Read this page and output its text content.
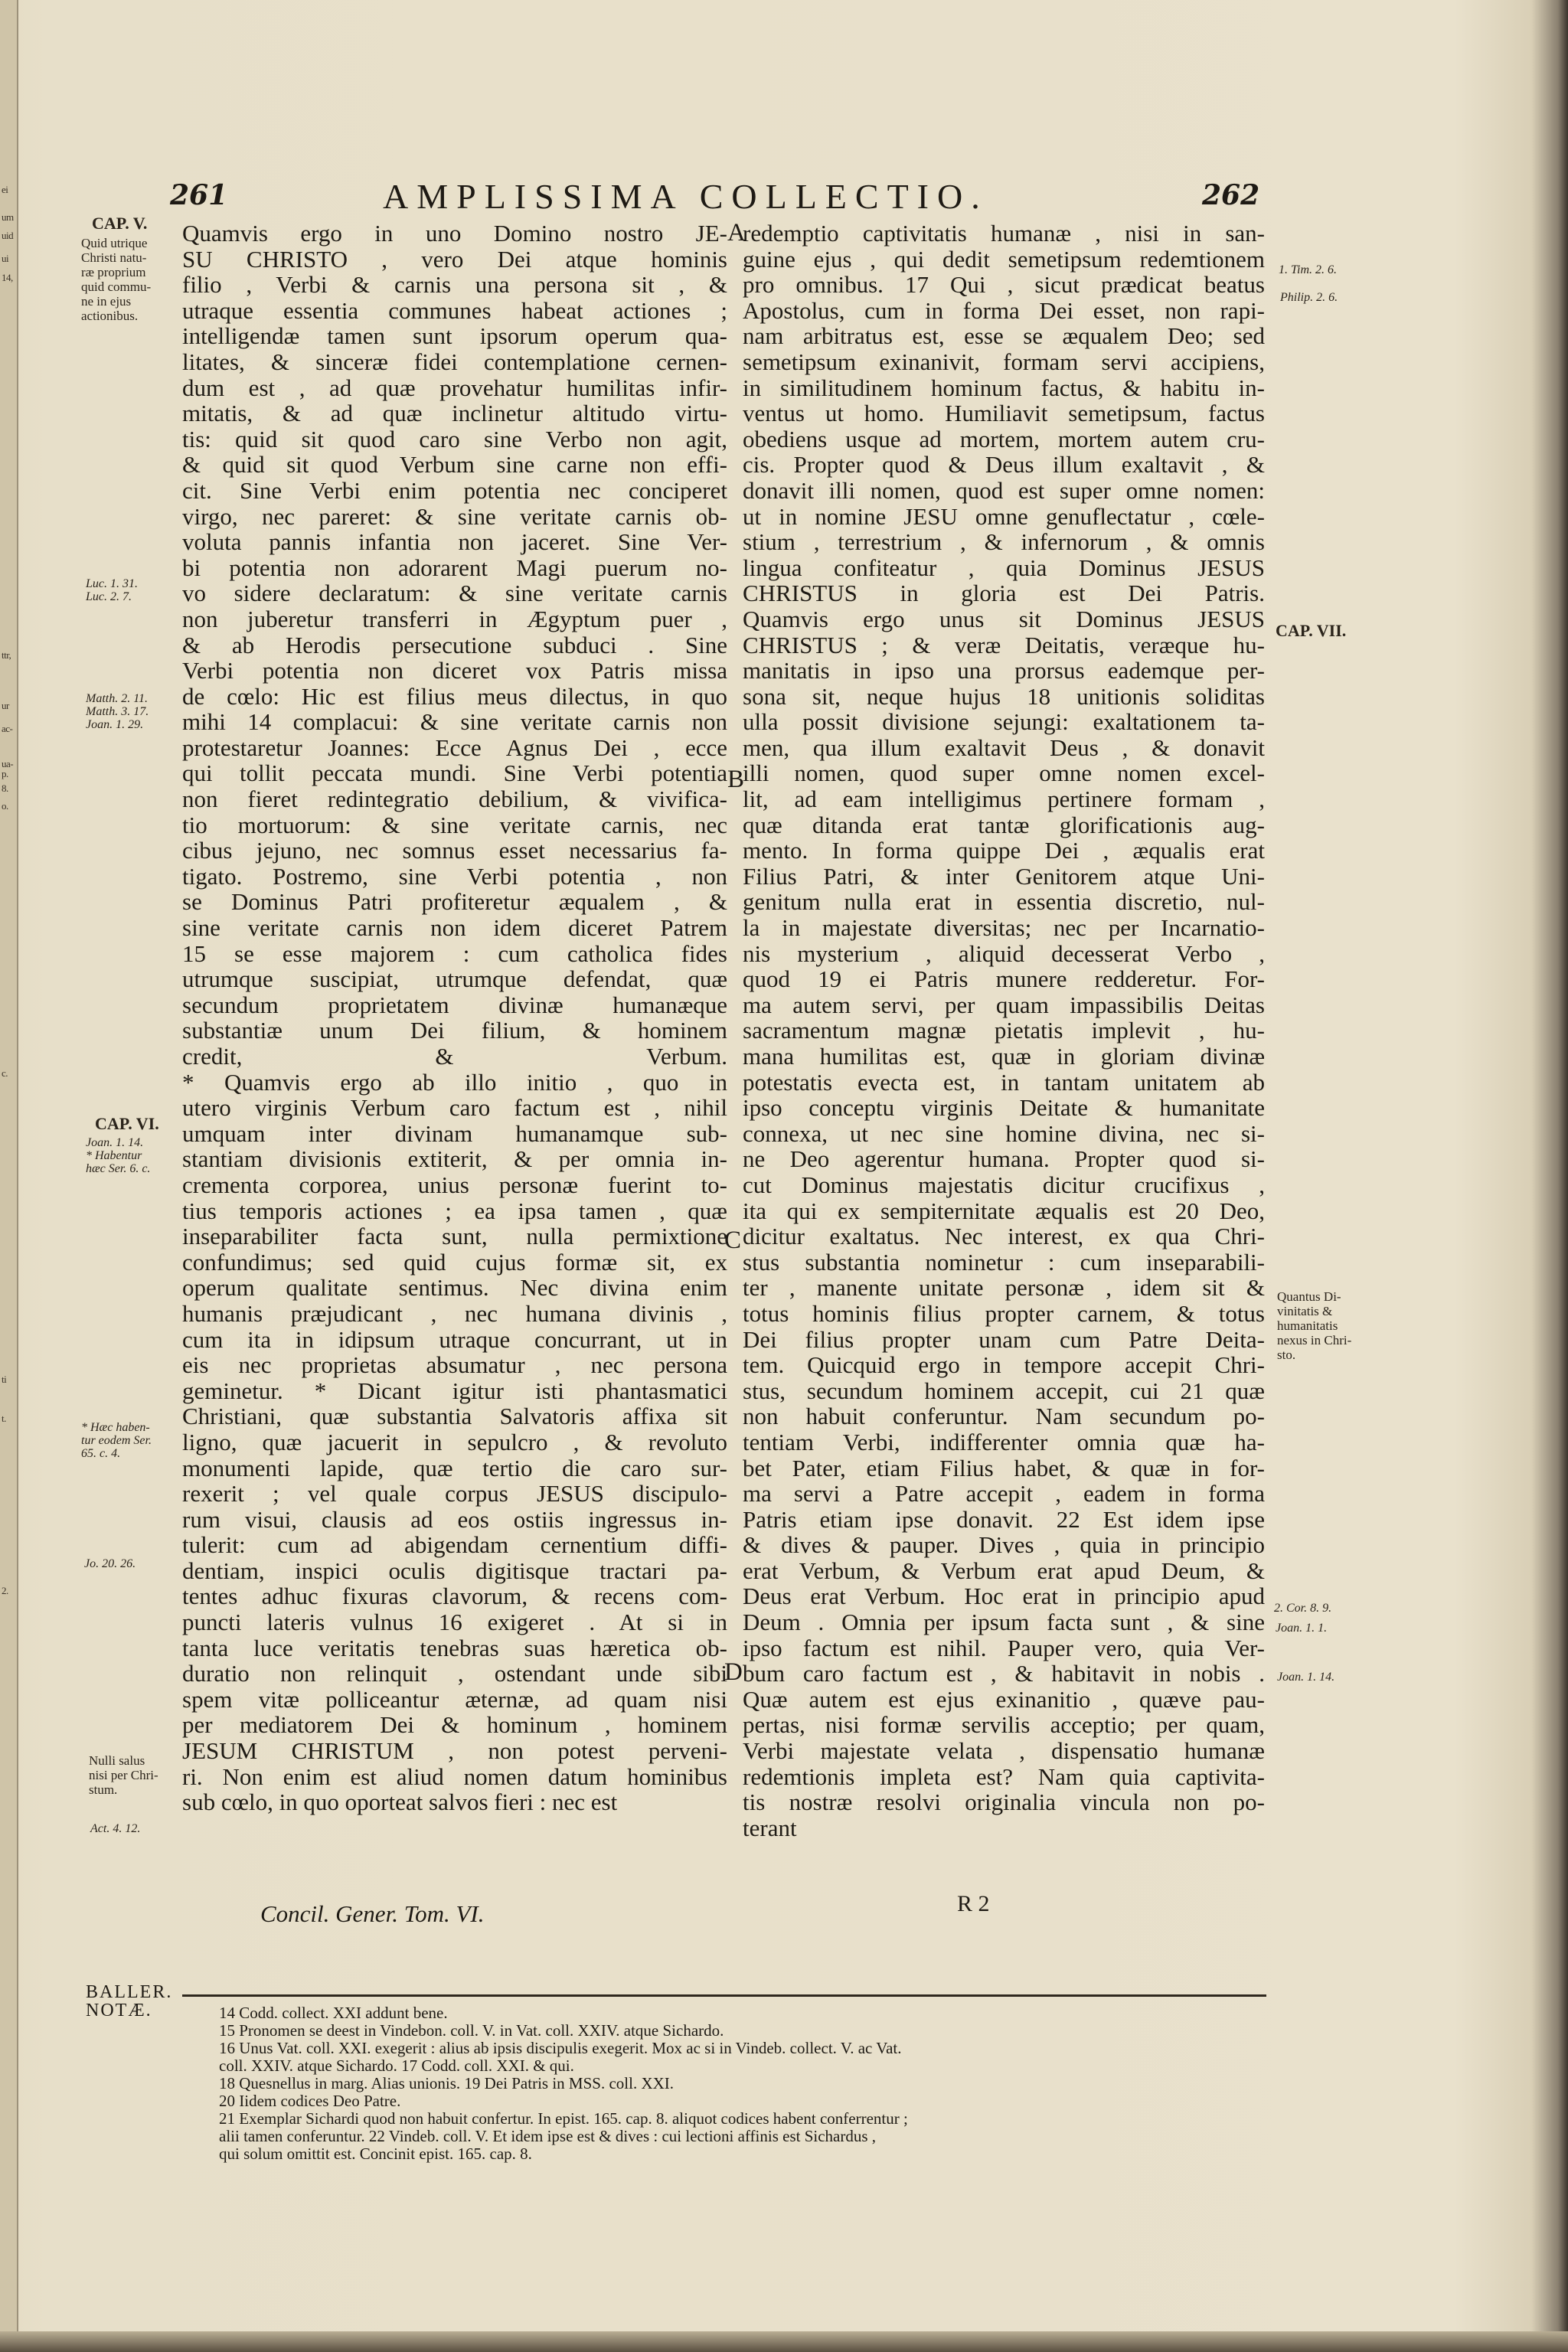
ei
um
uid
ui
14,
ttr,
ac-
ur
ua-
p.
8.
o.
c.
ti
t.
2.
261	AMPLISSIMA COLLECTIO.	262
CAP. V.
Quid utrique
Christi natu-
ræ proprium
quid commu-
ne in ejus
actionibus.
Luc. 1. 31.
Luc. 2. 7.
Matth. 2. 11.
Matth. 3. 17.
Joan. 1. 29.
CAP. VI.
Joan. 1. 14.
* Habentur
hæc Ser. 6. c.
* Hæc haben-
tur eodem Ser.
65. c. 4.
Jo. 20. 26.
Nulli salus
nisi per Chri-
stum.
Act. 4. 12.
1. Tim. 2. 6.
Philip. 2. 6.
CAP. VII.
Quantus Di-
vinitatis &
humanitatis
nexus in Chri-
sto.
2. Cor. 8. 9.
Joan. 1. 1.
Joan. 1. 14.
A
B
C
D
Quamvis ergo in uno Domino nostro JE-
SU CHRISTO , vero Dei atque hominis
filio , Verbi & carnis una persona sit , &
utraque essentia communes habeat actiones ;
intelligendæ tamen sunt ipsorum operum qua-
litates, & sinceræ fidei contemplatione cernen-
dum est , ad quæ provehatur humilitas infir-
mitatis, & ad quæ inclinetur altitudo virtu-
tis: quid sit quod caro sine Verbo non agit,
& quid sit quod Verbum sine carne non effi-
cit. Sine Verbi enim potentia nec conciperet
virgo, nec pareret: & sine veritate carnis ob-
voluta pannis infantia non jaceret. Sine Ver-
bi potentia non adorarent Magi puerum no-
vo sidere declaratum: & sine veritate carnis
non juberetur transferri in Ægyptum puer ,
& ab Herodis persecutione subduci . Sine
Verbi potentia non diceret vox Patris missa
de cœlo: Hic est filius meus dilectus, in quo
mihi 14 complacui: & sine veritate carnis non
protestaretur Joannes: Ecce Agnus Dei , ecce
qui tollit peccata mundi. Sine Verbi potentia
non fieret redintegratio debilium, & vivifica-
tio mortuorum: & sine veritate carnis, nec
cibus jejuno, nec somnus esset necessarius fa-
tigato. Postremo, sine Verbi potentia , non
se Dominus Patri profiteretur æqualem , &
sine veritate carnis non idem diceret Patrem
15 se esse majorem : cum catholica fides
utrumque suscipiat, utrumque defendat, quæ
secundum proprietatem divinæ humanæque
substantiæ unum Dei filium, & hominem
credit, & Verbum.
* Quamvis ergo ab illo initio , quo in
utero virginis Verbum caro factum est , nihil
umquam inter divinam humanamque sub-
stantiam divisionis extiterit, & per omnia in-
crementa corporea, unius personæ fuerint to-
tius temporis actiones ; ea ipsa tamen , quæ
inseparabiliter facta sunt, nulla permixtione
confundimus; sed quid cujus formæ sit, ex
operum qualitate sentimus. Nec divina enim
humanis præjudicant , nec humana divinis ,
cum ita in idipsum utraque concurrant, ut in
eis nec proprietas absumatur , nec persona
geminetur. * Dicant igitur isti phantasmatici
Christiani, quæ substantia Salvatoris affixa sit
ligno, quæ jacuerit in sepulcro , & revoluto
monumenti lapide, quæ tertio die caro sur-
rexerit ; vel quale corpus JESUS discipulo-
rum visui, clausis ad eos ostiis ingressus in-
tulerit: cum ad abigendam cernentium diffi-
dentiam, inspici oculis digitisque tractari pa-
tentes adhuc fixuras clavorum, & recens com-
puncti lateris vulnus 16 exigeret . At si in
tanta luce veritatis tenebras suas hæretica ob-
duratio non relinquit , ostendant unde sibi
spem vitæ polliceantur æternæ, ad quam nisi
per mediatorem Dei & hominum , hominem
JESUM CHRISTUM , non potest perveni-
ri. Non enim est aliud nomen datum hominibus
sub cœlo, in quo oporteat salvos fieri : nec est
redemptio captivitatis humanæ , nisi in san-
guine ejus , qui dedit semetipsum redemtionem
pro omnibus. 17 Qui , sicut prædicat beatus
Apostolus, cum in forma Dei esset, non rapi-
nam arbitratus est, esse se æqualem Deo; sed
semetipsum exinanivit, formam servi accipiens,
in similitudinem hominum factus, & habitu in-
ventus ut homo. Humiliavit semetipsum, factus
obediens usque ad mortem, mortem autem cru-
cis. Propter quod & Deus illum exaltavit , &
donavit illi nomen, quod est super omne nomen:
ut in nomine JESU omne genuflectatur , cœle-
stium , terrestrium , & infernorum , & omnis
lingua confiteatur , quia Dominus JESUS
CHRISTUS in gloria est Dei Patris.
Quamvis ergo unus sit Dominus JESUS
CHRISTUS ; & veræ Deitatis, veræque hu-
manitatis in ipso una prorsus eademque per-
sona sit, neque hujus 18 unitionis soliditas
ulla possit divisione sejungi: exaltationem ta-
men, qua illum exaltavit Deus , & donavit
illi nomen, quod super omne nomen excel-
lit, ad eam intelligimus pertinere formam ,
quæ ditanda erat tantæ glorificationis aug-
mento. In forma quippe Dei , æqualis erat
Filius Patri, & inter Genitorem atque Uni-
genitum nulla erat in essentia discretio, nul-
la in majestate diversitas; nec per Incarnatio-
nis mysterium , aliquid decesserat Verbo ,
quod 19 ei Patris munere redderetur. For-
ma autem servi, per quam impassibilis Deitas
sacramentum magnæ pietatis implevit , hu-
mana humilitas est, quæ in gloriam divinæ
potestatis evecta est, in tantam unitatem ab
ipso conceptu virginis Deitate & humanitate
connexa, ut nec sine homine divina, nec si-
ne Deo agerentur humana. Propter quod si-
cut Dominus majestatis dicitur crucifixus ,
ita qui ex sempiternitate æqualis est 20 Deo,
dicitur exaltatus. Nec interest, ex qua Chri-
stus substantia nominetur : cum inseparabili-
ter , manente unitate personæ , idem sit &
totus hominis filius propter carnem, & totus
Dei filius propter unam cum Patre Deita-
tem. Quicquid ergo in tempore accepit Chri-
stus, secundum hominem accepit, cui 21 quæ
non habuit conferuntur. Nam secundum po-
tentiam Verbi, indifferenter omnia quæ ha-
bet Pater, etiam Filius habet, & quæ in for-
ma servi a Patre accepit , eadem in forma
Patris etiam ipse donavit. 22 Est idem ipse
& dives & pauper. Dives , quia in principio
erat Verbum, & Verbum erat apud Deum, &
Deus erat Verbum. Hoc erat in principio apud
Deum . Omnia per ipsum facta sunt , & sine
ipso factum est nihil. Pauper vero, quia Ver-
bum caro factum est , & habitavit in nobis .
Quæ autem est ejus exinanitio , quæve pau-
pertas, nisi formæ servilis acceptio; per quam,
Verbi majestate velata , dispensatio humanæ
redemtionis impleta est? Nam quia captivita-
tis nostræ resolvi originalia vincula non po-
terant
Concil. Gener. Tom. VI.	R 2
BALLER.
NOTÆ.	14 Codd. collect. XXI addunt bene.
15 Pronomen se deest in Vindebon. coll. V. in Vat. coll. XXIV. atque Sichardo.
16 Unus Vat. coll. XXI. exegerit : alius ab ipsis discipulis exegerit. Mox ac si in Vindeb. collect. V. ac Vat.
coll. XXIV. atque Sichardo. 17 Codd. coll. XXI. & qui.
18 Quesnellus in marg. Alias unionis. 19 Dei Patris in MSS. coll. XXI.
20 Iidem codices Deo Patre.
21 Exemplar Sichardi quod non habuit confertur. In epist. 165. cap. 8. aliquot codices habent conferrentur ;
alii tamen conferuntur. 22 Vindeb. coll. V. Et idem ipse est & dives : cui lectioni affinis est Sichardus ,
qui solum omittit est. Concinit epist. 165. cap. 8.
